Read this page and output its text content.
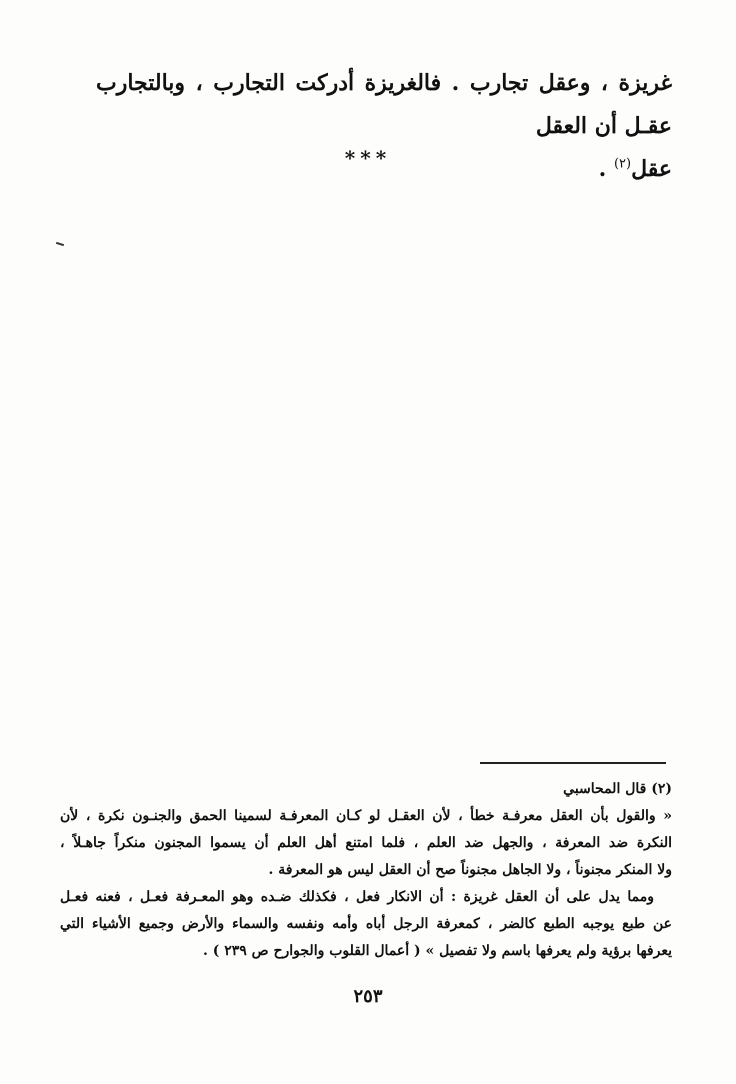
غريزة ، وعقل تجارب . فالغريزة أدركت التجارب ، وبالتجارب عقـل أن العقل
عقل$^{(٢)}$ .
***
(٢) قال المحاسبي
« والقول بأن العقل معرفـة خطأ ، لأن العقـل لو كـان المعرفـة لسمينا الحمق والجنـون نكرة ، لأن
النكرة ضد المعرفة ، والجهل ضد العلم ، فلما امتنع أهل العلم أن يسموا المجنون منكراً جاهـلاً ،
ولا المنكر مجنوناً ، ولا الجاهل مجنوناً صح أن العقل ليس هو المعرفة .
ومما يدل على أن العقل غريزة : أن الانكار فعل ، فكذلك ضـده وهو المعـرفة فعـل ، فعنه فعـل
عن طبع يوجبه الطبع كالضر ، كمعرفة الرجل أباه وأمه ونفسه والسماء والأرض وجميع الأشياء التي
يعرفها برؤية ولم يعرفها باسم ولا تفصيل » ( أعمال القلوب والجوارح ص ٢٣٩ ) .
٢٥٣
